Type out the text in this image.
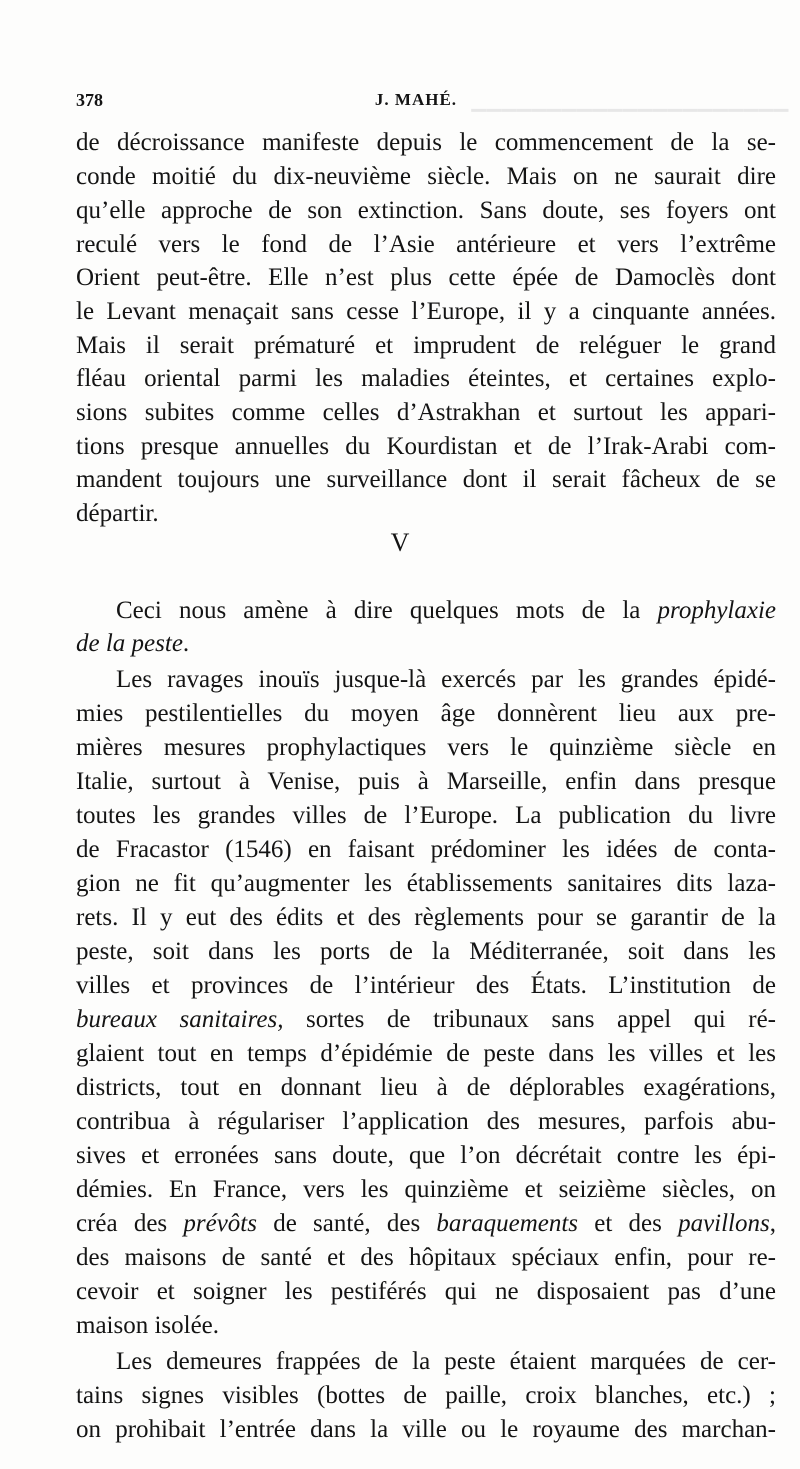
▁▁▁▁▁▁▁▁▁▁▁▁▁▁▁▁▁▁▁▁▁
378	J. MAHÉ.
de décroissance manifeste depuis le commencement de la se-
conde moitié du dix-neuvième siècle. Mais on ne saurait dire
qu’elle approche de son extinction. Sans doute, ses foyers ont
reculé vers le fond de l’Asie antérieure et vers l’extrême
Orient peut-être. Elle n’est plus cette épée de Damoclès dont
le Levant menaçait sans cesse l’Europe, il y a cinquante années.
Mais il serait prématuré et imprudent de reléguer le grand
fléau oriental parmi les maladies éteintes, et certaines explo-
sions subites comme celles d’Astrakhan et surtout les appari-
tions presque annuelles du Kourdistan et de l’Irak-Arabi com-
mandent toujours une surveillance dont il serait fâcheux de se
départir.
V
Ceci nous amène à dire quelques mots de la prophylaxie
de la peste.
Les ravages inouïs jusque-là exercés par les grandes épidé-
mies pestilentielles du moyen âge donnèrent lieu aux pre-
mières mesures prophylactiques vers le quinzième siècle en
Italie, surtout à Venise, puis à Marseille, enfin dans presque
toutes les grandes villes de l’Europe. La publication du livre
de Fracastor (1546) en faisant prédominer les idées de conta-
gion ne fit qu’augmenter les établissements sanitaires dits laza-
rets. Il y eut des édits et des règlements pour se garantir de la
peste, soit dans les ports de la Méditerranée, soit dans les
villes et provinces de l’intérieur des États. L’institution de
bureaux sanitaires, sortes de tribunaux sans appel qui ré-
glaient tout en temps d’épidémie de peste dans les villes et les
districts, tout en donnant lieu à de déplorables exagérations,
contribua à régulariser l’application des mesures, parfois abu-
sives et erronées sans doute, que l’on décrétait contre les épi-
démies. En France, vers les quinzième et seizième siècles, on
créa des prévôts de santé, des baraquements et des pavillons,
des maisons de santé et des hôpitaux spéciaux enfin, pour re-
cevoir et soigner les pestiférés qui ne disposaient pas d’une
maison isolée.
Les demeures frappées de la peste étaient marquées de cer-
tains signes visibles (bottes de paille, croix blanches, etc.) ;
on prohibait l’entrée dans la ville ou le royaume des marchan-
